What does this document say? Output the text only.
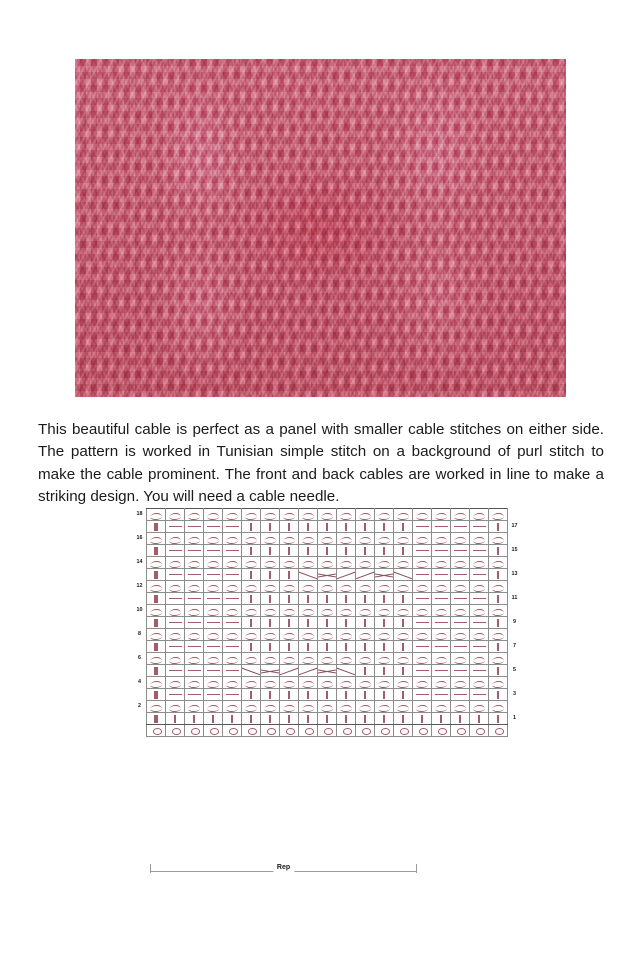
This beautiful cable is perfect as a panel with smaller cable stitches on either side. The pattern is worked in Tunisian simple stitch on a background of purl stitch to make the cable prominent. The front and back cables are worked in line to make a striking design. You will need a cable needle.

18	

	17
16	

	15
14	

	13
12	

	11
10	

	9
8	

	7
6	

	5
4	

	3
2	

	1

Rep
